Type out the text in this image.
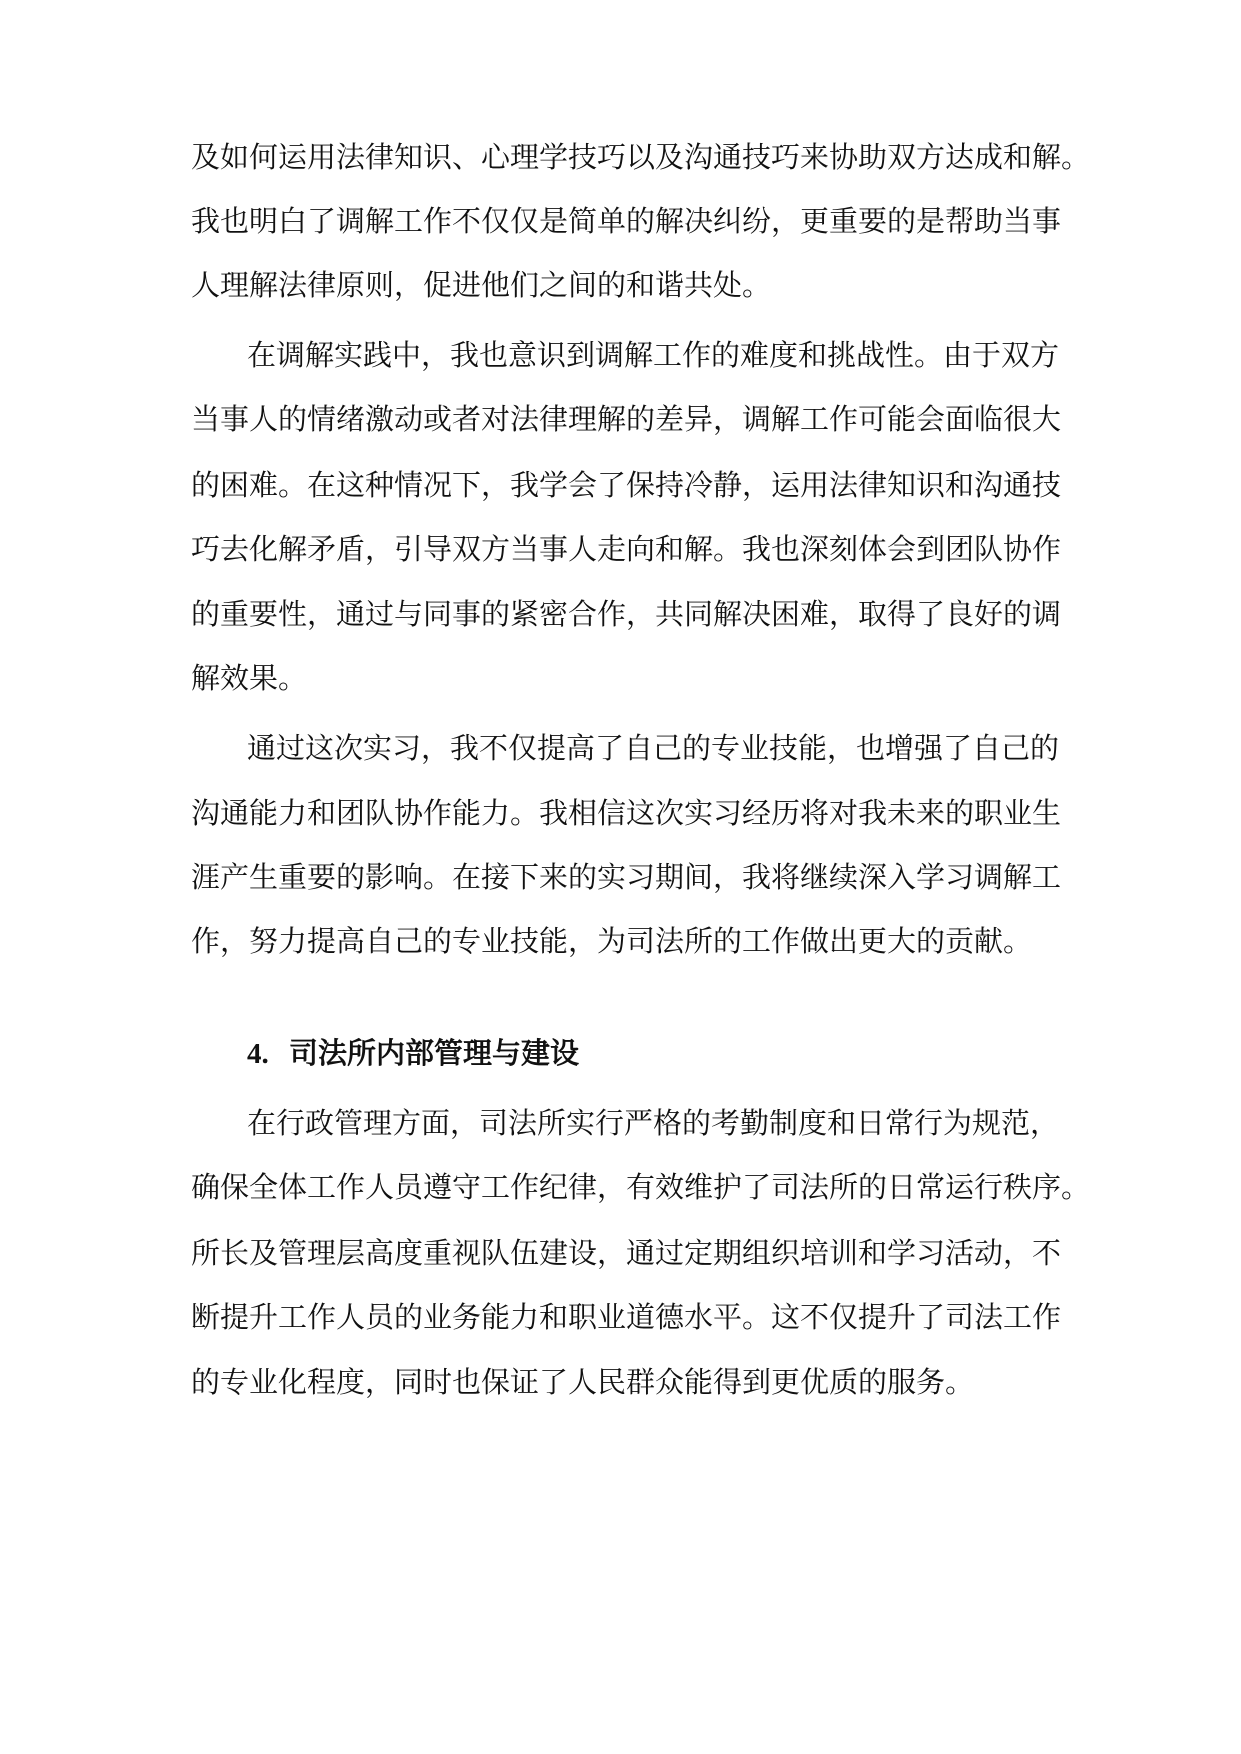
及如何运用法律知识、心理学技巧以及沟通技巧来协助双方达成和解。

我也明白了调解工作不仅仅是简单的解决纠纷，更重要的是帮助当事

人理解法律原则，促进他们之间的和谐共处。

在调解实践中，我也意识到调解工作的难度和挑战性。由于双方

当事人的情绪激动或者对法律理解的差异，调解工作可能会面临很大

的困难。在这种情况下，我学会了保持冷静，运用法律知识和沟通技

巧去化解矛盾，引导双方当事人走向和解。我也深刻体会到团队协作

的重要性，通过与同事的紧密合作，共同解决困难，取得了良好的调

解效果。

通过这次实习，我不仅提高了自己的专业技能，也增强了自己的

沟通能力和团队协作能力。我相信这次实习经历将对我未来的职业生

涯产生重要的影响。在接下来的实习期间，我将继续深入学习调解工

作，努力提高自己的专业技能，为司法所的工作做出更大的贡献。

4. 司法所内部管理与建设

在行政管理方面，司法所实行严格的考勤制度和日常行为规范，

确保全体工作人员遵守工作纪律，有效维护了司法所的日常运行秩序。

所长及管理层高度重视队伍建设，通过定期组织培训和学习活动，不

断提升工作人员的业务能力和职业道德水平。这不仅提升了司法工作

的专业化程度，同时也保证了人民群众能得到更优质的服务。
